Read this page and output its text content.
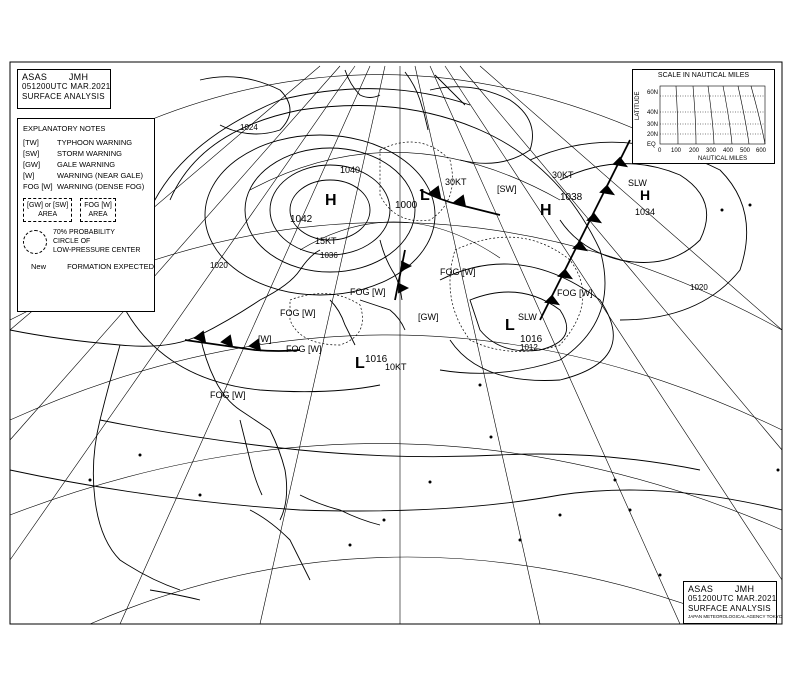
H
1042
15KT
L
1000
30KT
H
1038
30KT
H
1034
SLW
L
1016
SLW
L 1016
10KT
1040
1020
1024
1036
1020
1012
FOG [W]
FOG [W]
FOG [W]
FOG [W]
FOG [W]
[GW]
[W]
[SW]
FOG [W]
ASAS JMH
051200UTC MAR.2021
SURFACE ANALYSIS
EXPLANATORY NOTES
[TW] TYPHOON WARNING
[SW] STORM WARNING
[GW] GALE WARNING
[W]	WARNING (NEAR GALE)
FOG [W] WARNING (DENSE FOG)
[GW] or [SW]
AREA
FOG [W]
AREA
70% PROBABILITY
CIRCLE OF
LOW-PRESSURE CENTER
New	FORMATION EXPECTED
SCALE IN NAUTICAL MILES
LATITUDE 60N
40N
30N
20N
EQ
0 100 200 300 400 500 600
NAUTICAL MILES
ASAS JMH
051200UTC MAR.2021
SURFACE ANALYSIS
JAPAN METEOROLOGICAL AGENCY TOKYO
